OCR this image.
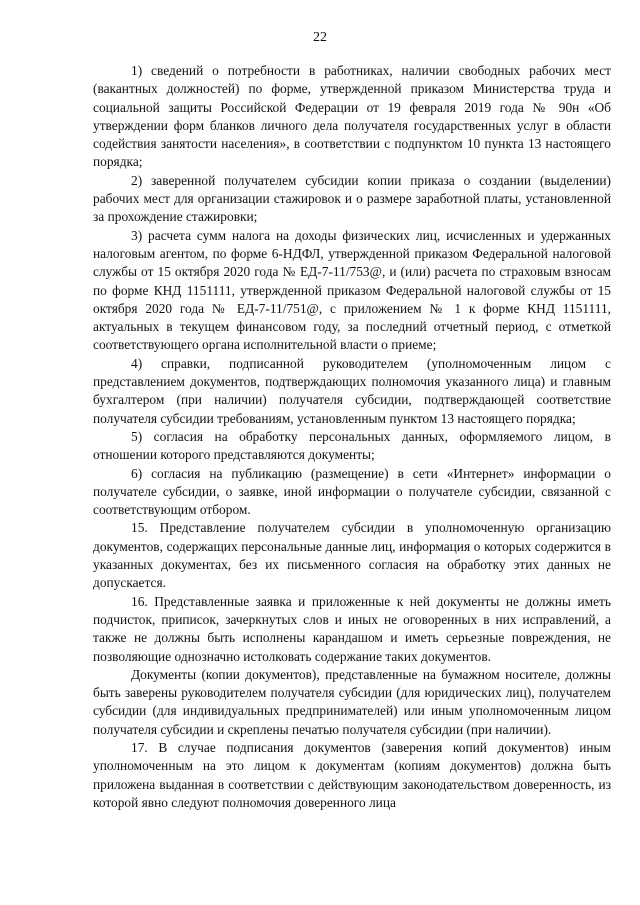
22

1) сведений о потребности в работниках, наличии свободных рабочих мест (вакантных должностей) по форме, утвержденной приказом Министерства труда и социальной защиты Российской Федерации от 19 февраля 2019 года № 90н «Об утверждении форм бланков личного дела получателя государственных услуг в области содействия занятости населения», в соответствии с подпунктом 10 пункта 13 настоящего порядка;

2) заверенной получателем субсидии копии приказа о создании (выделении) рабочих мест для организации стажировок и о размере заработной платы, установленной за прохождение стажировки;

3) расчета сумм налога на доходы физических лиц, исчисленных и удержанных налоговым агентом, по форме 6-НДФЛ, утвержденной приказом Федеральной налоговой службы от 15 октября 2020 года № ЕД-7-11/753@, и (или) расчета по страховым взносам по форме КНД 1151111, утвержденной приказом Федеральной налоговой службы от 15 октября 2020 года № ЕД-7-11/751@, с приложением № 1 к форме КНД 1151111, актуальных в текущем финансовом году, за последний отчетный период, с отметкой соответствующего органа исполнительной власти о приеме;

4) справки, подписанной руководителем (уполномоченным лицом с представлением документов, подтверждающих полномочия указанного лица) и главным бухгалтером (при наличии) получателя субсидии, подтверждающей соответствие получателя субсидии требованиям, установленным пунктом 13 настоящего порядка;

5) согласия на обработку персональных данных, оформляемого лицом, в отношении которого представляются документы;

6) согласия на публикацию (размещение) в сети «Интернет» информации о получателе субсидии, о заявке, иной информации о получателе субсидии, связанной с соответствующим отбором.

15. Представление получателем субсидии в уполномоченную организацию документов, содержащих персональные данные лиц, информация о которых содержится в указанных документах, без их письменного согласия на обработку этих данных не допускается.

16. Представленные заявка и приложенные к ней документы не должны иметь подчисток, приписок, зачеркнутых слов и иных не оговоренных в них исправлений, а также не должны быть исполнены карандашом и иметь серьезные повреждения, не позволяющие однозначно истолковать содержание таких документов.

Документы (копии документов), представленные на бумажном носителе, должны быть заверены руководителем получателя субсидии (для юридических лиц), получателем субсидии (для индивидуальных предпринимателей) или иным уполномоченным лицом получателя субсидии и скреплены печатью получателя субсидии (при наличии).

17. В случае подписания документов (заверения копий документов) иным уполномоченным на это лицом к документам (копиям документов) должна быть приложена выданная в соответствии с действующим законодательством доверенность, из которой явно следуют полномочия доверенного лица
